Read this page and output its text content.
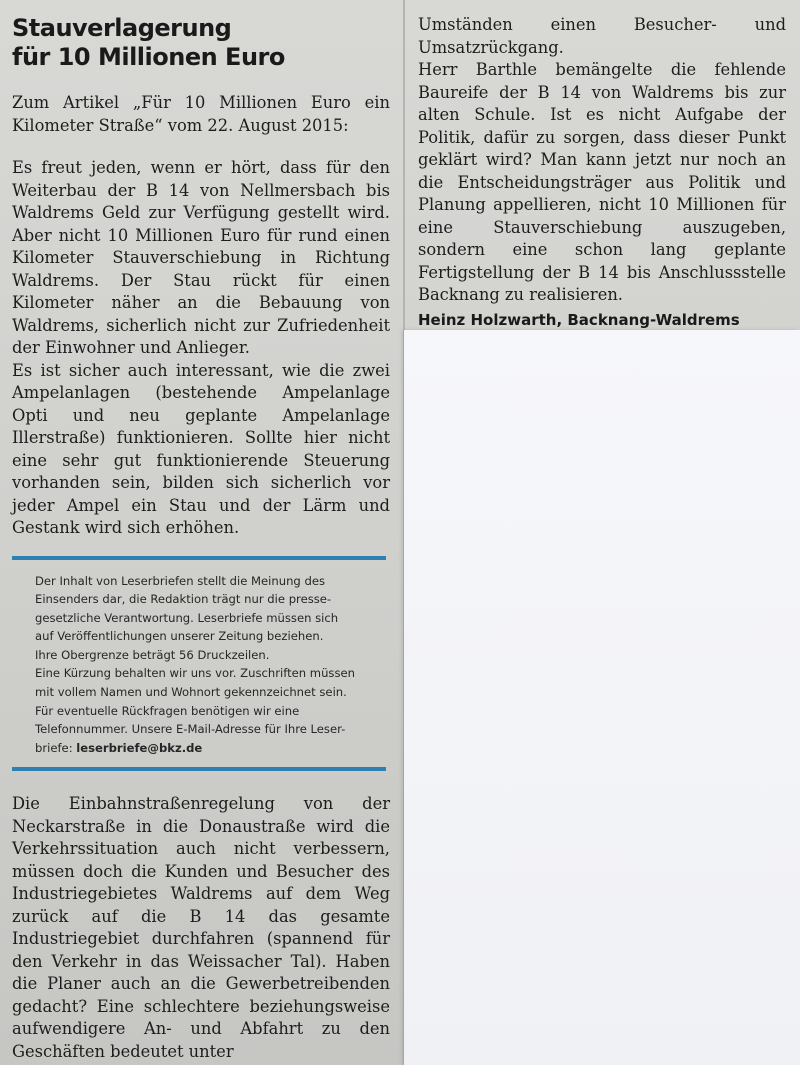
Stauverlagerung
für 10 Millionen Euro

Zum Artikel „Für 10 Millionen Euro ein Kilometer Straße“ vom 22. August 2015:

Es freut jeden, wenn er hört, dass für den Weiterbau der B 14 von Nellmersbach bis Waldrems Geld zur Verfügung gestellt wird. Aber nicht 10 Millionen Euro für rund einen Kilometer Stauverschiebung in Richtung Waldrems. Der Stau rückt für einen Kilometer näher an die Bebauung von Waldrems, sicherlich nicht zur Zufriedenheit der Einwohner und Anlieger.

Es ist sicher auch interessant, wie die zwei Ampelanlagen (bestehende Ampelanlage Opti und neu geplante Ampelanlage Illerstraße) funktionieren. Sollte hier nicht eine sehr gut funktionierende Steuerung vorhanden sein, bilden sich sicherlich vor jeder Ampel ein Stau und der Lärm und Gestank wird sich erhöhen.

Der Inhalt von Leserbriefen stellt die Meinung des
Einsenders dar, die Redaktion trägt nur die presse-
gesetzliche Verantwortung. Leserbriefe müssen sich
auf Veröffentlichungen unserer Zeitung beziehen.
Ihre Obergrenze beträgt 56 Druckzeilen.
Eine Kürzung behalten wir uns vor. Zuschriften müssen
mit vollem Namen und Wohnort gekennzeichnet sein.
Für eventuelle Rückfragen benötigen wir eine
Telefonnummer. Unsere E-Mail-Adresse für Ihre Leser-
briefe: leserbriefe@bkz.de

Die Einbahnstraßenregelung von der Neckarstraße in die Donaustraße wird die Verkehrssituation auch nicht verbessern, müssen doch die Kunden und Besucher des Industriegebietes Waldrems auf dem Weg zurück auf die B 14 das gesamte Industriegebiet durchfahren (spannend für den Verkehr in das Weissacher Tal). Haben die Planer auch an die Gewerbetreibenden gedacht? Eine schlechtere beziehungsweise aufwendigere An- und Abfahrt zu den Geschäften bedeutet unter

Umständen einen Besucher- und Umsatzrückgang.

Herr Barthle bemängelte die fehlende Baureife der B 14 von Waldrems bis zur alten Schule. Ist es nicht Aufgabe der Politik, dafür zu sorgen, dass dieser Punkt geklärt wird? Man kann jetzt nur noch an die Entscheidungsträger aus Politik und Planung appellieren, nicht 10 Millionen für eine Stauverschiebung auszugeben, sondern eine schon lang geplante Fertigstellung der B 14 bis Anschlussstelle Backnang zu realisieren.

Heinz Holzwarth, Backnang-Waldrems
